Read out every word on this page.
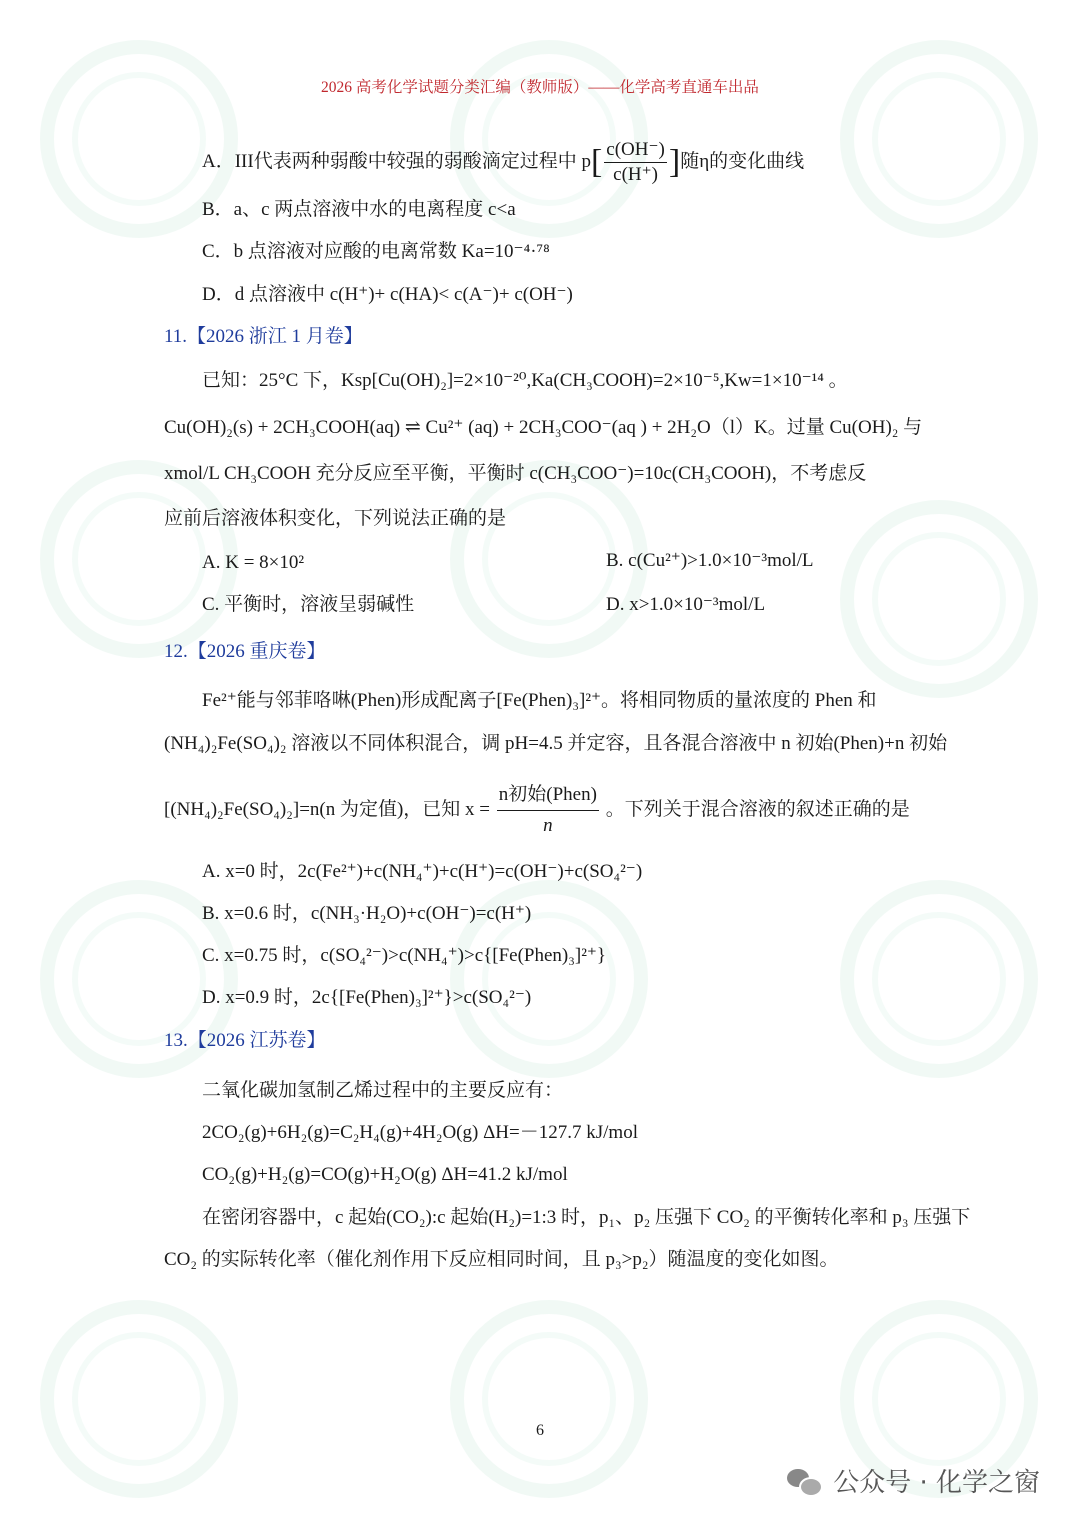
2026 高考化学试题分类汇编（教师版）——化学高考直通车出品
A．III代表两种弱酸中较强的弱酸滴定过程中 $p[ \frac{c(OH^-)}{c(H^+)}$ ]随η的变化曲线
B．a、c 两点溶液中水的电离程度 c<a
C．b 点溶液对应酸的电离常数 Ka=10⁻⁴·⁷⁸
D．d 点溶液中 c(H⁺)+ c(HA)< c(A⁻)+ c(OH⁻)
11.【2026 浙江 1 月卷】
已知：25°C 下，Ksp[Cu(OH)₂]=2×10⁻²⁰,Ka(CH₃COOH)=2×10⁻⁵,Kw=1×10⁻¹⁴ 。
Cu(OH)₂(s) + 2CH₃COOH(aq) ⇌ Cu²⁺ (aq) + 2CH₃COO⁻(aq ) + 2H₂O（l）K。过量 Cu(OH)₂ 与
xmol/L CH₃COOH 充分反应至平衡，平衡时 c(CH₃COO⁻)=10c(CH₃COOH)，不考虑反
应前后溶液体积变化，下列说法正确的是
A. K = 8×10²	B. c(Cu²⁺)>1.0×10⁻³mol/L
C. 平衡时，溶液呈弱碱性	D. x>1.0×10⁻³mol/L
12.【2026 重庆卷】
Fe²⁺能与邻菲咯啉(Phen)形成配离子[Fe(Phen)₃]²⁺。将相同物质的量浓度的 Phen 和
(NH₄)₂Fe(SO₄)₂ 溶液以不同体积混合，调 pH=4.5 并定容，且各混合溶液中 n 初始(Phen)+n 初始
[(NH₄)₂Fe(SO₄)₂]=n(n 为定值)，已知 $x = \frac{\text{n初始(Phen)}}{n}$ 。下列关于混合溶液的叙述正确的是
A. x=0 时，2c(Fe²⁺)+c(NH₄⁺)+c(H⁺)=c(OH⁻)+c(SO₄²⁻)
B. x=0.6 时，c(NH₃·H₂O)+c(OH⁻)=c(H⁺)
C. x=0.75 时，c(SO₄²⁻)>c(NH₄⁺)>c{[Fe(Phen)₃]²⁺}
D. x=0.9 时，2c{[Fe(Phen)₃]²⁺}>c(SO₄²⁻)
13.【2026 江苏卷】
二氧化碳加氢制乙烯过程中的主要反应有：
2CO₂(g)+6H₂(g)=C₂H₄(g)+4H₂O(g) ΔH=－127.7 kJ/mol
CO₂(g)+H₂(g)=CO(g)+H₂O(g) ΔH=41.2 kJ/mol
在密闭容器中，c 起始(CO₂):c 起始(H₂)=1:3 时，p₁、p₂ 压强下 CO₂ 的平衡转化率和 p₃ 压强下
CO₂ 的实际转化率（催化剂作用下反应相同时间，且 p₃>p₂）随温度的变化如图。
6
公众号 · 化学之窗
